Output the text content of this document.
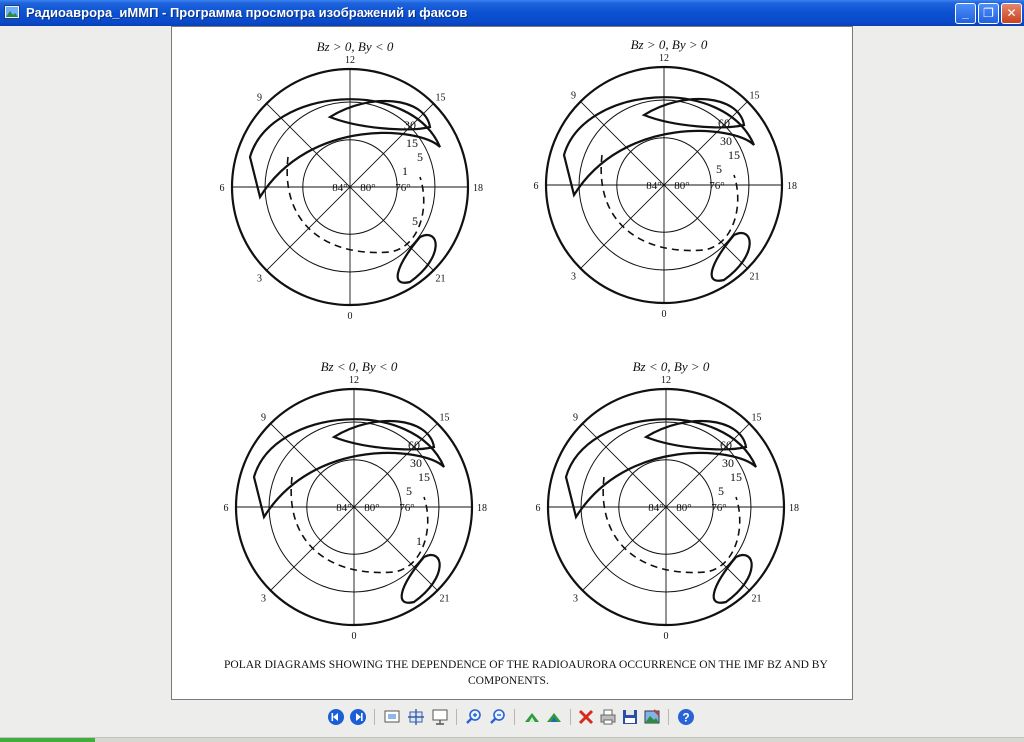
Радиоаврора_иММП - Программа просмотра изображений и факсов	_	❐	✕
Bz > 0, By < 0
12
15
18
21
0
3
6
9
84° 80° 76°
30
15
5
1
5
Bz > 0, By > 0
12
15
18
21
0
3
6
9
84° 80° 76°
60
30
15
5
Bz < 0, By < 0
12
15
18
21
0
3
6
9
84° 80° 76°
60
30
15
5
1
Bz < 0, By > 0
12
15
18
21
0
3
6
9
84° 80° 76°
60
30
15
5
POLAR DIAGRAMS SHOWING THE DEPENDENCE OF THE RADIOAURORA OCCURRENCE ON THE IMF BZ AND BY
COMPONENTS.
?
